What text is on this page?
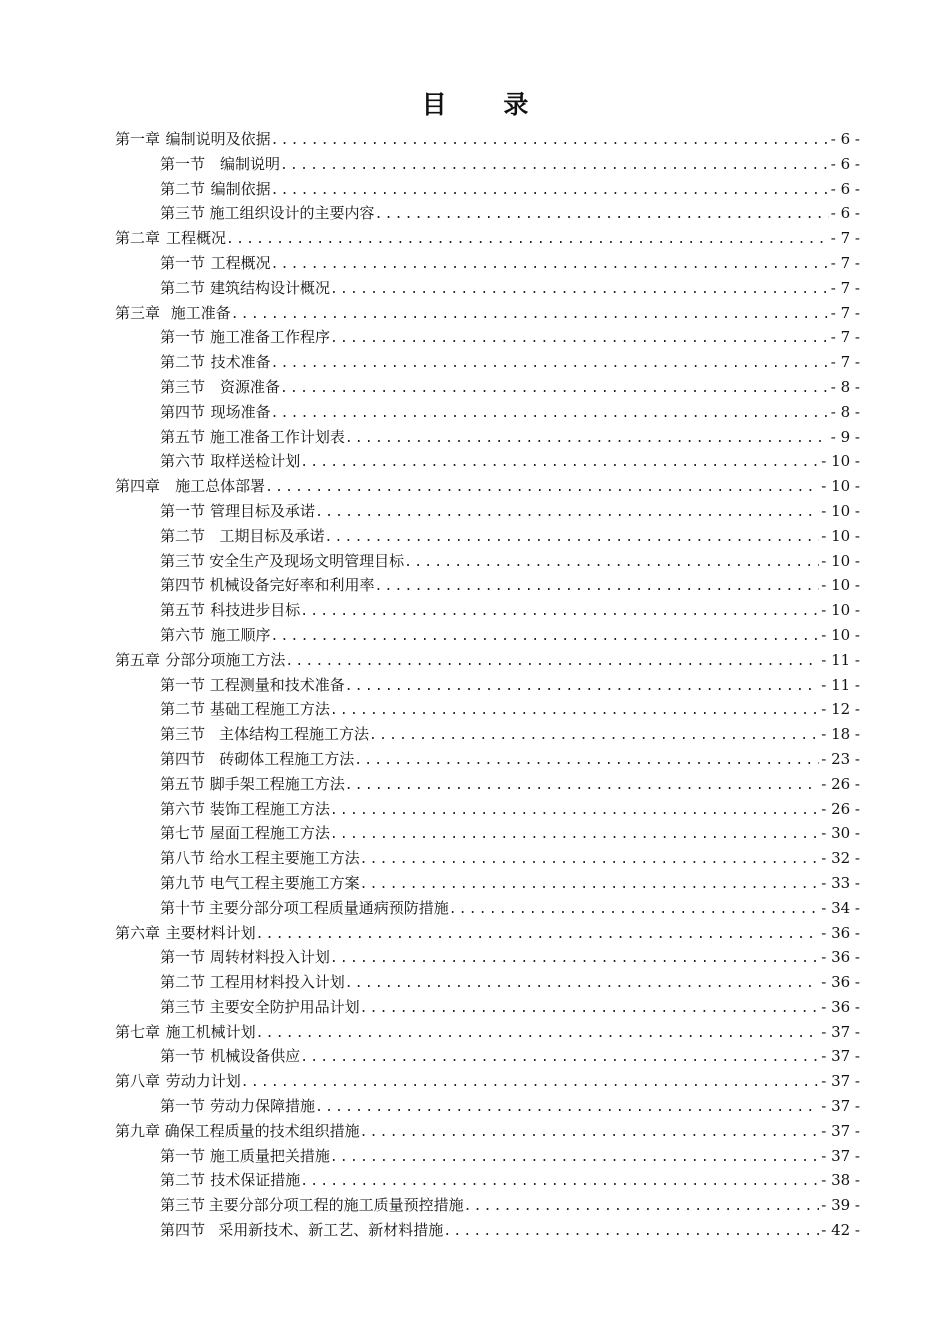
目 录
第一章 编制说明及依据 .....	- 6 -
第一节 编制说明 .....	- 6 -
第二节 编制依据 .....	- 6 -
第三节 施工组织设计的主要内容 .....	- 6 -
第二章 工程概况 .....	- 7 -
第一节 工程概况 .....	- 7 -
第二节 建筑结构设计概况 .....	- 7 -
第三章 施工准备 .....	- 7 -
第一节 施工准备工作程序 .....	- 7 -
第二节 技术准备 .....	- 7 -
第三节 资源准备 .....	- 8 -
第四节 现场准备 .....	- 8 -
第五节 施工准备工作计划表 .....	- 9 -
第六节 取样送检计划 .....	- 10 -
第四章 施工总体部署 .....	- 10 -
第一节 管理目标及承诺 .....	- 10 -
第二节 工期目标及承诺 .....	- 10 -
第三节 安全生产及现场文明管理目标 .....	- 10 -
第四节 机械设备完好率和利用率 .....	- 10 -
第五节 科技进步目标 .....	- 10 -
第六节 施工顺序 .....	- 10 -
第五章 分部分项施工方法 .....	- 11 -
第一节 工程测量和技术准备 .....	- 11 -
第二节 基础工程施工方法 .....	- 12 -
第三节 主体结构工程施工方法 .....	- 18 -
第四节 砖砌体工程施工方法 .....	- 23 -
第五节 脚手架工程施工方法 .....	- 26 -
第六节 装饰工程施工方法 .....	- 26 -
第七节 屋面工程施工方法 .....	- 30 -
第八节 给水工程主要施工方法 .....	- 32 -
第九节 电气工程主要施工方案 .....	- 33 -
第十节 主要分部分项工程质量通病预防措施 .....	- 34 -
第六章 主要材料计划 .....	- 36 -
第一节 周转材料投入计划 .....	- 36 -
第二节 工程用材料投入计划 .....	- 36 -
第三节 主要安全防护用品计划 .....	- 36 -
第七章 施工机械计划 .....	- 37 -
第一节 机械设备供应 .....	- 37 -
第八章 劳动力计划 .....	- 37 -
第一节 劳动力保障措施 .....	- 37 -
第九章 确保工程质量的技术组织措施 .....	- 37 -
第一节 施工质量把关措施 .....	- 37 -
第二节 技术保证措施 .....	- 38 -
第三节 主要分部分项工程的施工质量预控措施 .....	- 39 -
第四节 采用新技术、新工艺、新材料措施 .....	- 42 -
